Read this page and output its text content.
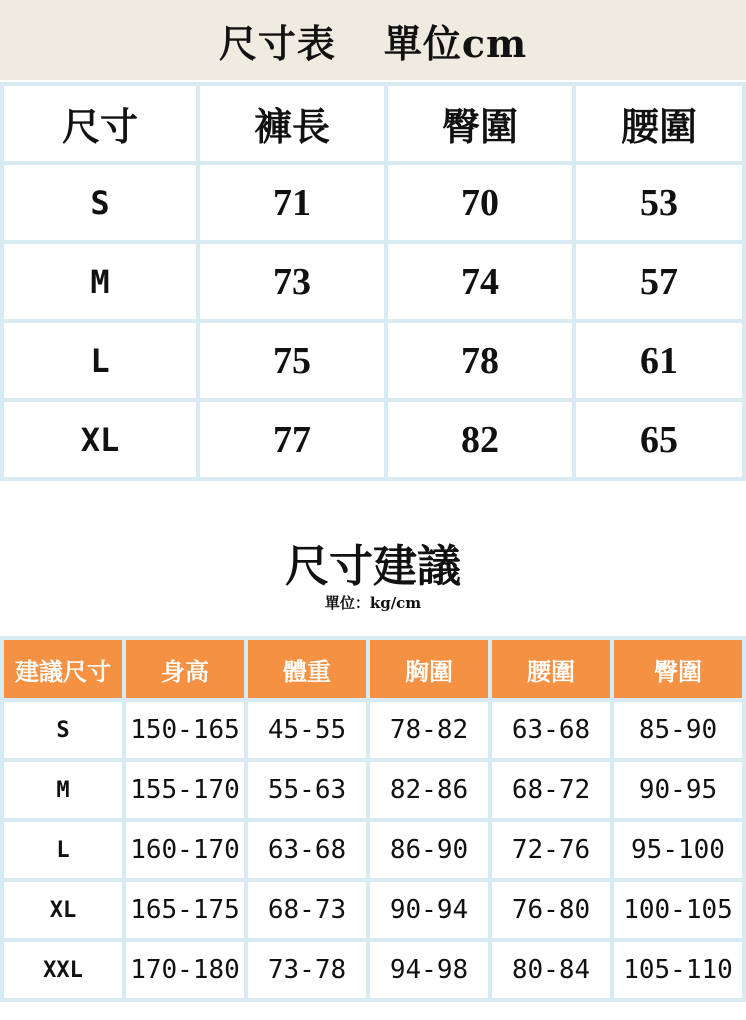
尺寸表 單位cm
尺寸	褲長	臀圍	腰圍
S	71	70	53
M	73	74	57
L	75	78	61
XL	77	82	65
尺寸建議
單位：kg/cm
建議尺寸	身高	體重	胸圍	腰圍	臀圍
S	150-165	45-55	78-82	63-68	85-90
M	155-170	55-63	82-86	68-72	90-95
L	160-170	63-68	86-90	72-76	95-100
XL	165-175	68-73	90-94	76-80	100-105
XXL	170-180	73-78	94-98	80-84	105-110
